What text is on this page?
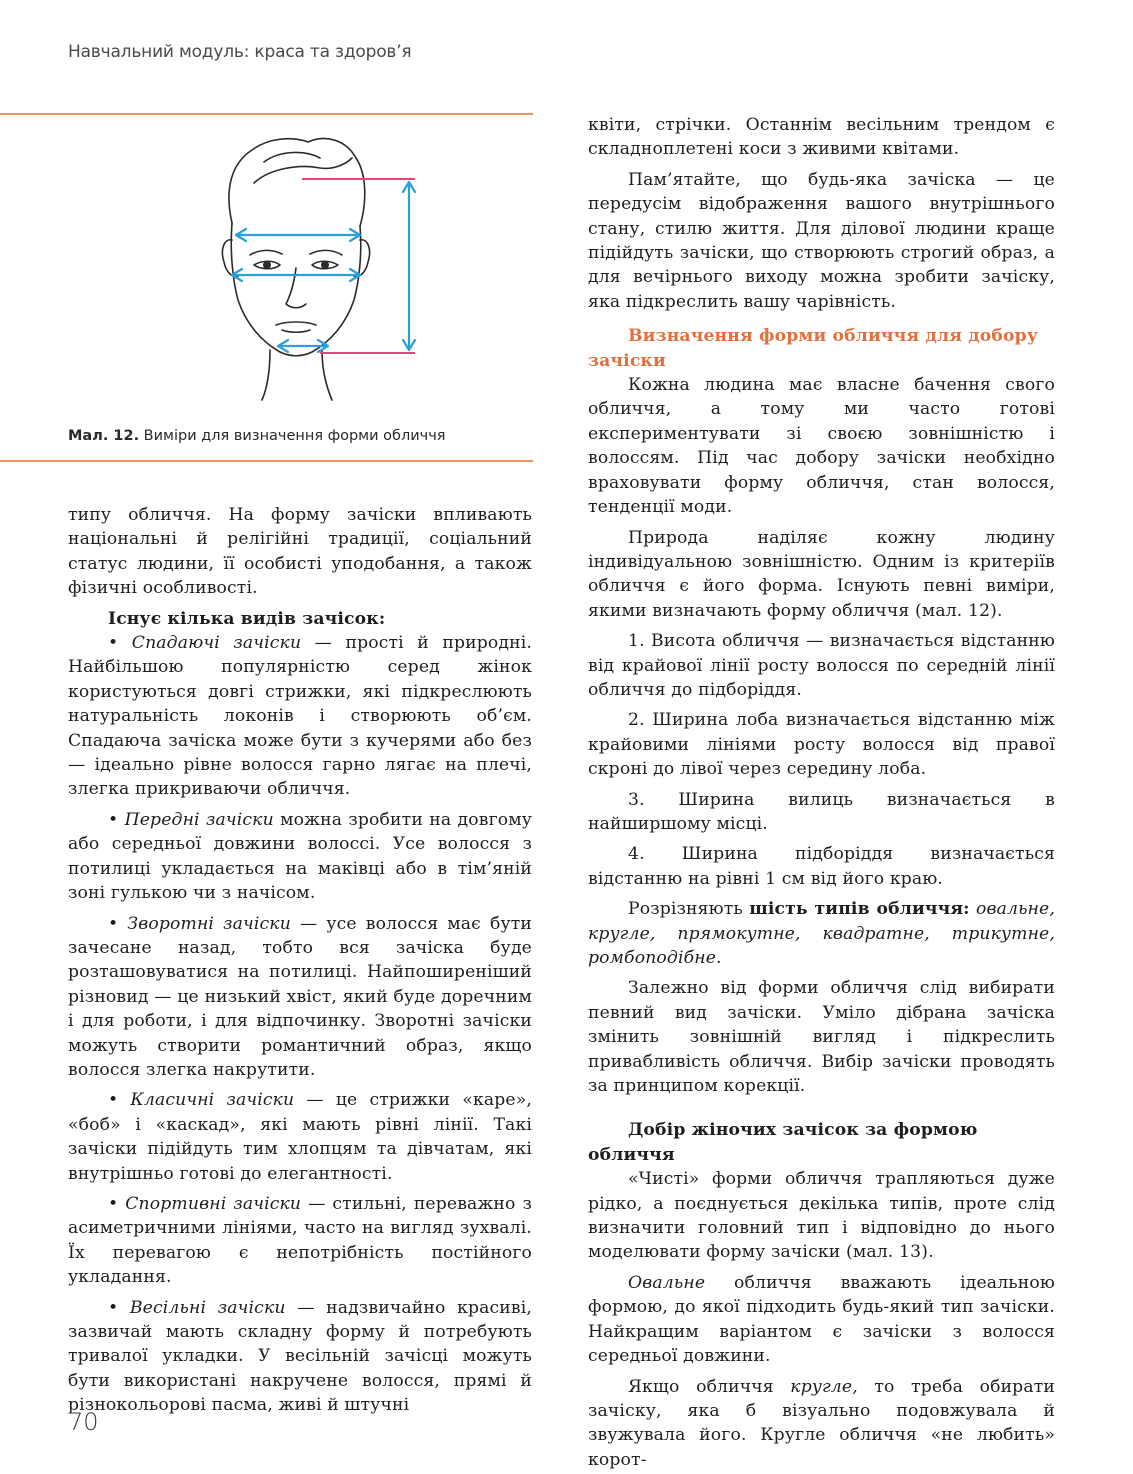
Навчальний модуль: краса та здоров’я
Мал. 12. Виміри для визначення форми обличчя

типу обличчя. На форму зачіски впливають національні й релігійні традиції, соціальний статус людини, її особисті уподобання, а також фізичні особливості.

Існує кілька видів зачісок:

• Спадаючі зачіски — прості й природні. Найбільшою популярністю серед жінок користуються довгі стрижки, які підкреслюють натуральність локонів і створюють об’єм. Спадаюча зачіска може бути з кучерями або без — ідеально рівне волосся гарно лягає на плечі, злегка прикриваючи обличчя.

• Передні зачіски можна зробити на довгому або середньої довжини волоссі. Усе волосся з потилиці укладається на маківці або в тім’яній зоні гулькою чи з начісом.

• Зворотні зачіски — усе волосся має бути зачесане назад, тобто вся зачіска буде розташовуватися на потилиці. Найпоширеніший різновид — це низький хвіст, який буде доречним і для роботи, і для відпочинку. Зворотні зачіски можуть створити романтичний образ, якщо волосся злегка накрутити.

• Класичні зачіски — це стрижки «каре», «боб» і «каскад», які мають рівні лінії. Такі зачіски підійдуть тим хлопцям та дівчатам, які внутрішньо готові до елегантності.

• Спортивні зачіски — стильні, переважно з асиметричними лініями, часто на вигляд зухвалі. Їх перевагою є непотрібність постійного укладання.

• Весільні зачіски — надзвичайно красиві, зазвичай мають складну форму й потребують тривалої укладки. У весільній зачісці можуть бути використані накручене волосся, прямі й різнокольорові пасма, живі й штучні

квіти, стрічки. Останнім весільним трендом є складноплетені коси з живими квітами.

Пам’ятайте, що будь-яка зачіска — це передусім відображення вашого внутрішнього стану, стилю життя. Для ділової людини краще підійдуть зачіски, що створюють строгий образ, а для вечірнього виходу можна зробити зачіску, яка підкреслить вашу чарівність.

Визначення форми обличчя для добору зачіски

Кожна людина має власне бачення свого обличчя, а тому ми часто готові експериментувати зі своєю зовнішністю і волоссям. Під час добору зачіски необхідно враховувати форму обличчя, стан волосся, тенденції моди.

Природа наділяє кожну людину індивідуальною зовнішністю. Одним із критеріїв обличчя є його форма. Існують певні виміри, якими визначають форму обличчя (мал. 12).

1. Висота обличчя — визначається відстанню від крайової лінії росту волосся по середній лінії обличчя до підборіддя.

2. Ширина лоба визначається відстанню між крайовими лініями росту волосся від правої скроні до лівої через середину лоба.

3. Ширина вилиць визначається в найширшому місці.

4. Ширина підборіддя визначається відстанню на рівні 1 см від його краю.

Розрізняють шість типів обличчя: овальне, кругле, прямокутне, квадратне, трикутне, ромбоподібне.

Залежно від форми обличчя слід вибирати певний вид зачіски. Уміло дібрана зачіска змінить зовнішній вигляд і підкреслить привабливість обличчя. Вибір зачіски проводять за принципом корекції.

Добір жіночих зачісок за формою обличчя

«Чисті» форми обличчя трапляються дуже рідко, а поєднується декілька типів, проте слід визначити головний тип і відповідно до нього моделювати форму зачіски (мал. 13).

Овальне обличчя вважають ідеальною формою, до якої підходить будь-який тип зачіски. Найкращим варіантом є зачіски з волосся середньої довжини.

Якщо обличчя кругле, то треба обирати зачіску, яка б візуально подовжувала й звужувала його. Кругле обличчя «не любить» корот-

70
